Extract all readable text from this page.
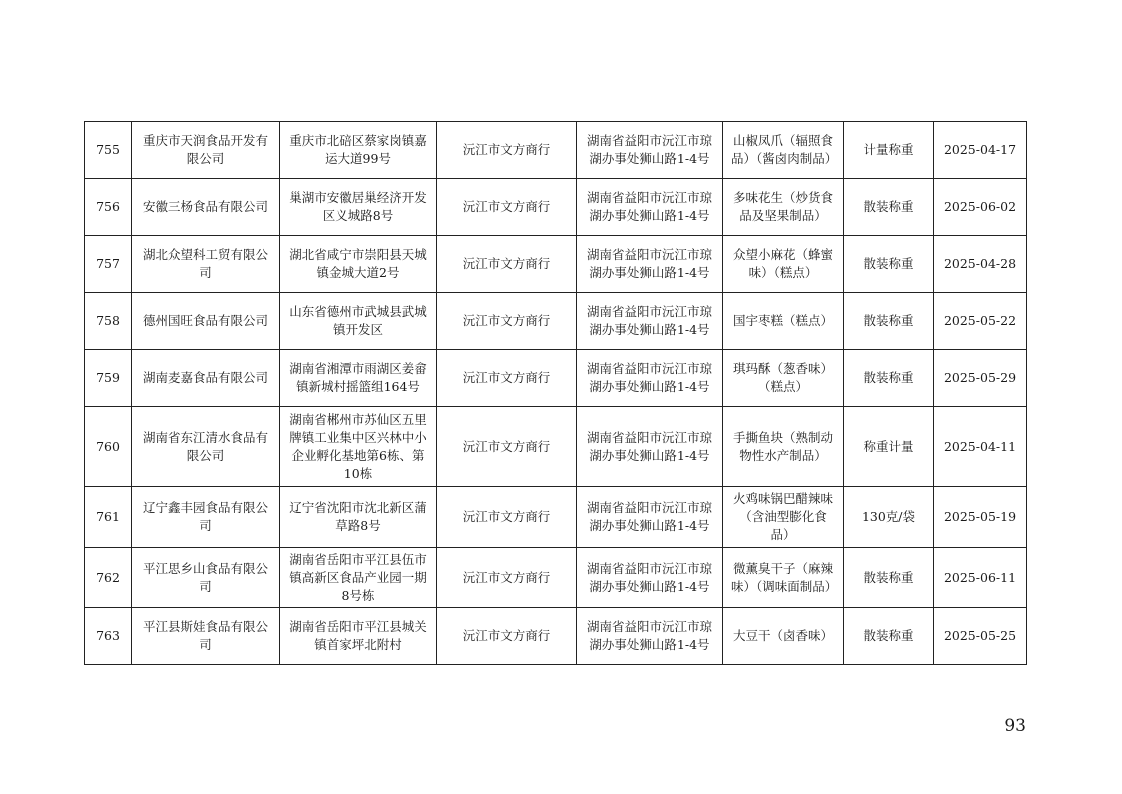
755	重庆市天润食品开发有限公司	重庆市北碚区蔡家岗镇嘉运大道99号	沅江市文方商行	湖南省益阳市沅江市琼湖办事处狮山路1-4号	山椒凤爪（辐照食品）（酱卤肉制品）	计量称重	2025-04-17
756	安徽三杨食品有限公司	巢湖市安徽居巢经济开发区义城路8号	沅江市文方商行	湖南省益阳市沅江市琼湖办事处狮山路1-4号	多味花生（炒货食品及坚果制品）	散装称重	2025-06-02
757	湖北众望科工贸有限公司	湖北省咸宁市崇阳县天城镇金城大道2号	沅江市文方商行	湖南省益阳市沅江市琼湖办事处狮山路1-4号	众望小麻花（蜂蜜味）（糕点）	散装称重	2025-04-28
758	德州国旺食品有限公司	山东省德州市武城县武城镇开发区	沅江市文方商行	湖南省益阳市沅江市琼湖办事处狮山路1-4号	国宇枣糕（糕点）	散装称重	2025-05-22
759	湖南麦嘉食品有限公司	湖南省湘潭市雨湖区姜畲镇新城村摇篮组164号	沅江市文方商行	湖南省益阳市沅江市琼湖办事处狮山路1-4号	琪玛酥（葱香味）（糕点）	散装称重	2025-05-29
760	湖南省东江清水食品有限公司	湖南省郴州市苏仙区五里牌镇工业集中区兴林中小企业孵化基地第6栋、第10栋	沅江市文方商行	湖南省益阳市沅江市琼湖办事处狮山路1-4号	手撕鱼块（熟制动物性水产制品）	称重计量	2025-04-11
761	辽宁鑫丰园食品有限公司	辽宁省沈阳市沈北新区蒲草路8号	沅江市文方商行	湖南省益阳市沅江市琼湖办事处狮山路1-4号	火鸡味锅巴醋辣味（含油型膨化食品）	130克/袋	2025-05-19
762	平江思乡山食品有限公司	湖南省岳阳市平江县伍市镇高新区食品产业园一期8号栋	沅江市文方商行	湖南省益阳市沅江市琼湖办事处狮山路1-4号	微薰臭干子（麻辣味）（调味面制品）	散装称重	2025-06-11
763	平江县斯娃食品有限公司	湖南省岳阳市平江县城关镇首家坪北附村	沅江市文方商行	湖南省益阳市沅江市琼湖办事处狮山路1-4号	大豆干（卤香味）	散装称重	2025-05-25
93
